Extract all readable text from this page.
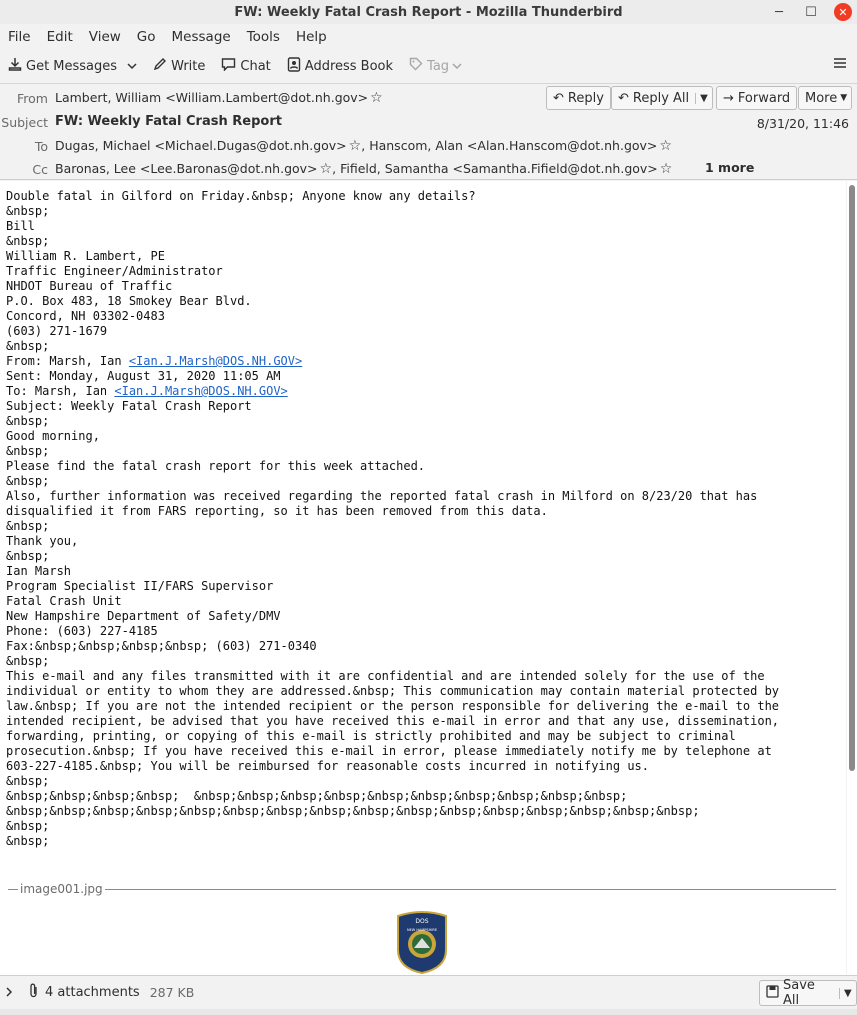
FW: Weekly Fatal Crash Report - Mozilla Thunderbird	─	☐	✕
File Edit View Go Message Tools Help
Get Messages	Write	Chat	Address Book	Tag
From Lambert, William <William.Lambert@dot.nh.gov> ☆	↶ Reply ↶ Reply All	▼ → Forward More ▼
Subject FW: Weekly Fatal Crash Report	8/31/20, 11:46
To Dugas, Michael <Michael.Dugas@dot.nh.gov> ☆, Hanscom, Alan <Alan.Hanscom@dot.nh.gov> ☆
Cc Baronas, Lee <Lee.Baronas@dot.nh.gov> ☆, Fifield, Samantha <Samantha.Fifield@dot.nh.gov> ☆	1 more
Double fatal in Gilford on Friday.&nbsp; Anyone know any details?
&nbsp;
Bill
&nbsp;
William R. Lambert, PE
Traffic Engineer/Administrator
NHDOT Bureau of Traffic
P.O. Box 483, 18 Smokey Bear Blvd.
Concord, NH 03302-0483
(603) 271-1679
&nbsp;
From: Marsh, Ian <Ian.J.Marsh@DOS.NH.GOV>
Sent: Monday, August 31, 2020 11:05 AM
To: Marsh, Ian <Ian.J.Marsh@DOS.NH.GOV>
Subject: Weekly Fatal Crash Report
&nbsp;
Good morning,
&nbsp;
Please find the fatal crash report for this week attached.
&nbsp;
Also, further information was received regarding the reported fatal crash in Milford on 8/23/20 that has
disqualified it from FARS reporting, so it has been removed from this data.
&nbsp;
Thank you,
&nbsp;
Ian Marsh
Program Specialist II/FARS Supervisor
Fatal Crash Unit
New Hampshire Department of Safety/DMV
Phone: (603) 227-4185
Fax:&nbsp;&nbsp;&nbsp;&nbsp; (603) 271-0340
&nbsp;
This e-mail and any files transmitted with it are confidential and are intended solely for the use of the
individual or entity to whom they are addressed.&nbsp; This communication may contain material protected by
law.&nbsp; If you are not the intended recipient or the person responsible for delivering the e-mail to the
intended recipient, be advised that you have received this e-mail in error and that any use, dissemination,
forwarding, printing, or copying of this e-mail is strictly prohibited and may be subject to criminal
prosecution.&nbsp; If you have received this e-mail in error, please immediately notify me by telephone at
603-227-4185.&nbsp; You will be reimbursed for reasonable costs incurred in notifying us.
&nbsp;
&nbsp;&nbsp;&nbsp;&nbsp;  &nbsp;&nbsp;&nbsp;&nbsp;&nbsp;&nbsp;&nbsp;&nbsp;&nbsp;&nbsp;
&nbsp;&nbsp;&nbsp;&nbsp;&nbsp;&nbsp;&nbsp;&nbsp;&nbsp;&nbsp;&nbsp;&nbsp;&nbsp;&nbsp;&nbsp;&nbsp;
&nbsp;
&nbsp;
image001.jpg
DOS
NEW HAMPSHIRE
4 attachments 287 KB	Save All	▼
